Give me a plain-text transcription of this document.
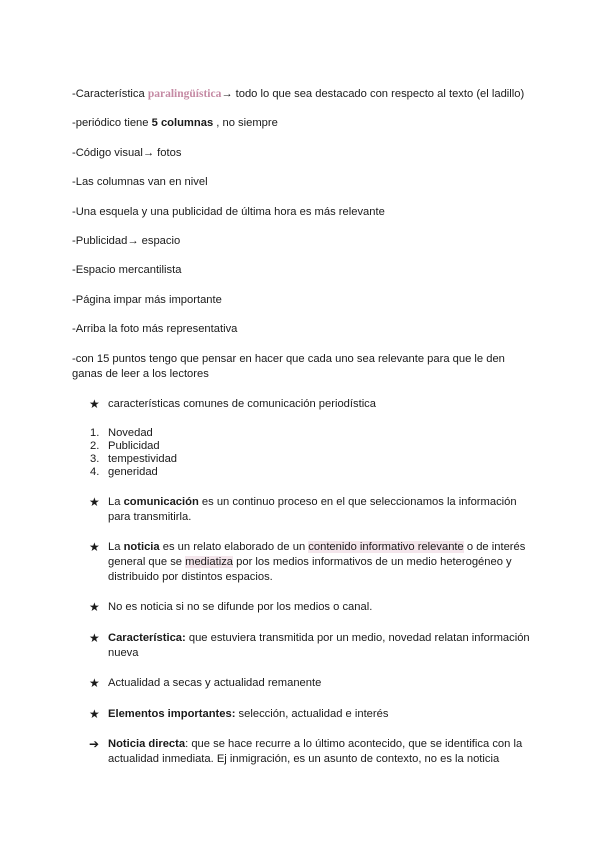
-Característica paralingüística→ todo lo que sea destacado con respecto al texto (el ladillo)
-periódico tiene 5 columnas , no siempre
-Código visual→ fotos
-Las columnas van en nivel
-Una esquela y una publicidad de última hora es más relevante
-Publicidad→ espacio
-Espacio mercantilista
-Página impar más importante
-Arriba la foto más representativa
-con 15 puntos tengo que pensar en hacer que cada uno sea relevante para que le den ganas de leer a los lectores
★ características comunes de comunicación periodística
1. Novedad
2. Publicidad
3. tempestividad
4. generidad
★ La comunicación es un continuo proceso en el que seleccionamos la información para transmitirla.
★ La noticia es un relato elaborado de un contenido informativo relevante o de interés general que se mediatiza por los medios informativos de un medio heterogéneo y distribuido por distintos espacios.
★ No es noticia si no se difunde por los medios o canal.
★ Característica: que estuviera transmitida por un medio, novedad relatan información nueva
★ Actualidad a secas y actualidad remanente
★ Elementos importantes: selección, actualidad e interés
➔ Noticia directa: que se hace recurre a lo último acontecido, que se identifica con la actualidad inmediata. Ej inmigración, es un asunto de contexto, no es la noticia
